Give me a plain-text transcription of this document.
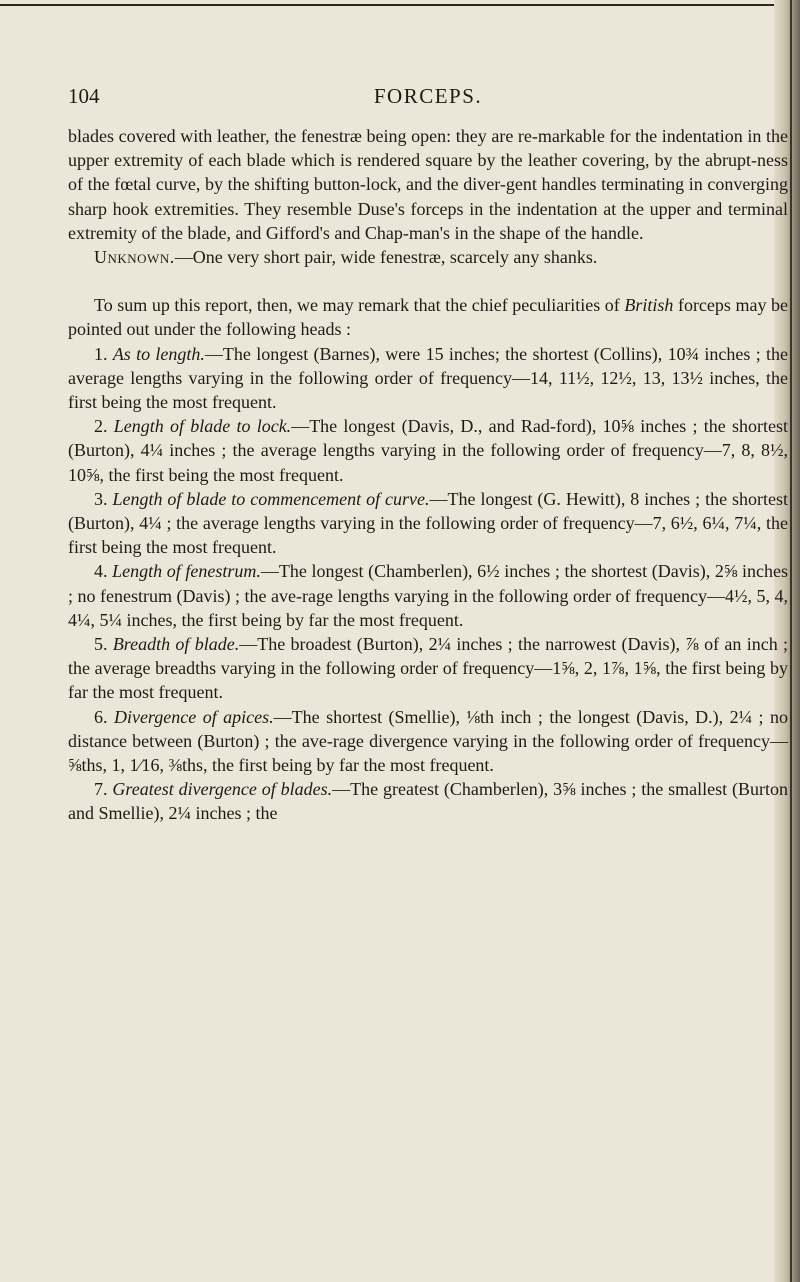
104	FORCEPS.

blades covered with leather, the fenestræ being open: they are re-markable for the indentation in the upper extremity of each blade which is rendered square by the leather covering, by the abrupt-ness of the fœtal curve, by the shifting button-lock, and the diver-gent handles terminating in converging sharp hook extremities. They resemble Duse's forceps in the indentation at the upper and terminal extremity of the blade, and Gifford's and Chap-man's in the shape of the handle.

Unknown.—One very short pair, wide fenestræ, scarcely any shanks.

To sum up this report, then, we may remark that the chief peculiarities of British forceps may be pointed out under the following heads :

1. As to length.—The longest (Barnes), were 15 inches; the shortest (Collins), 10¾ inches ; the average lengths varying in the following order of frequency—14, 11½, 12½, 13, 13½ inches, the first being the most frequent.

2. Length of blade to lock.—The longest (Davis, D., and Rad-ford), 10⅝ inches ; the shortest (Burton), 4¼ inches ; the average lengths varying in the following order of frequency—7, 8, 8½, 10⅝, the first being the most frequent.

3. Length of blade to commencement of curve.—The longest (G. Hewitt), 8 inches ; the shortest (Burton), 4¼ ; the average lengths varying in the following order of frequency—7, 6½, 6¼, 7¼, the first being the most frequent.

4. Length of fenestrum.—The longest (Chamberlen), 6½ inches ; the shortest (Davis), 2⅝ inches ; no fenestrum (Davis) ; the ave-rage lengths varying in the following order of frequency—4½, 5, 4, 4¼, 5¼ inches, the first being by far the most frequent.

5. Breadth of blade.—The broadest (Burton), 2¼ inches ; the narrowest (Davis), ⅞ of an inch ; the average breadths varying in the following order of frequency—1⅝, 2, 1⅞, 1⅝, the first being by far the most frequent.

6. Divergence of apices.—The shortest (Smellie), ⅛th inch ; the longest (Davis, D.), 2¼ ; no distance between (Burton) ; the ave-rage divergence varying in the following order of frequency—⅝ths, 1, 1⁄16, ⅜ths, the first being by far the most frequent.

7. Greatest divergence of blades.—The greatest (Chamberlen), 3⅝ inches ; the smallest (Burton and Smellie), 2¼ inches ; the
